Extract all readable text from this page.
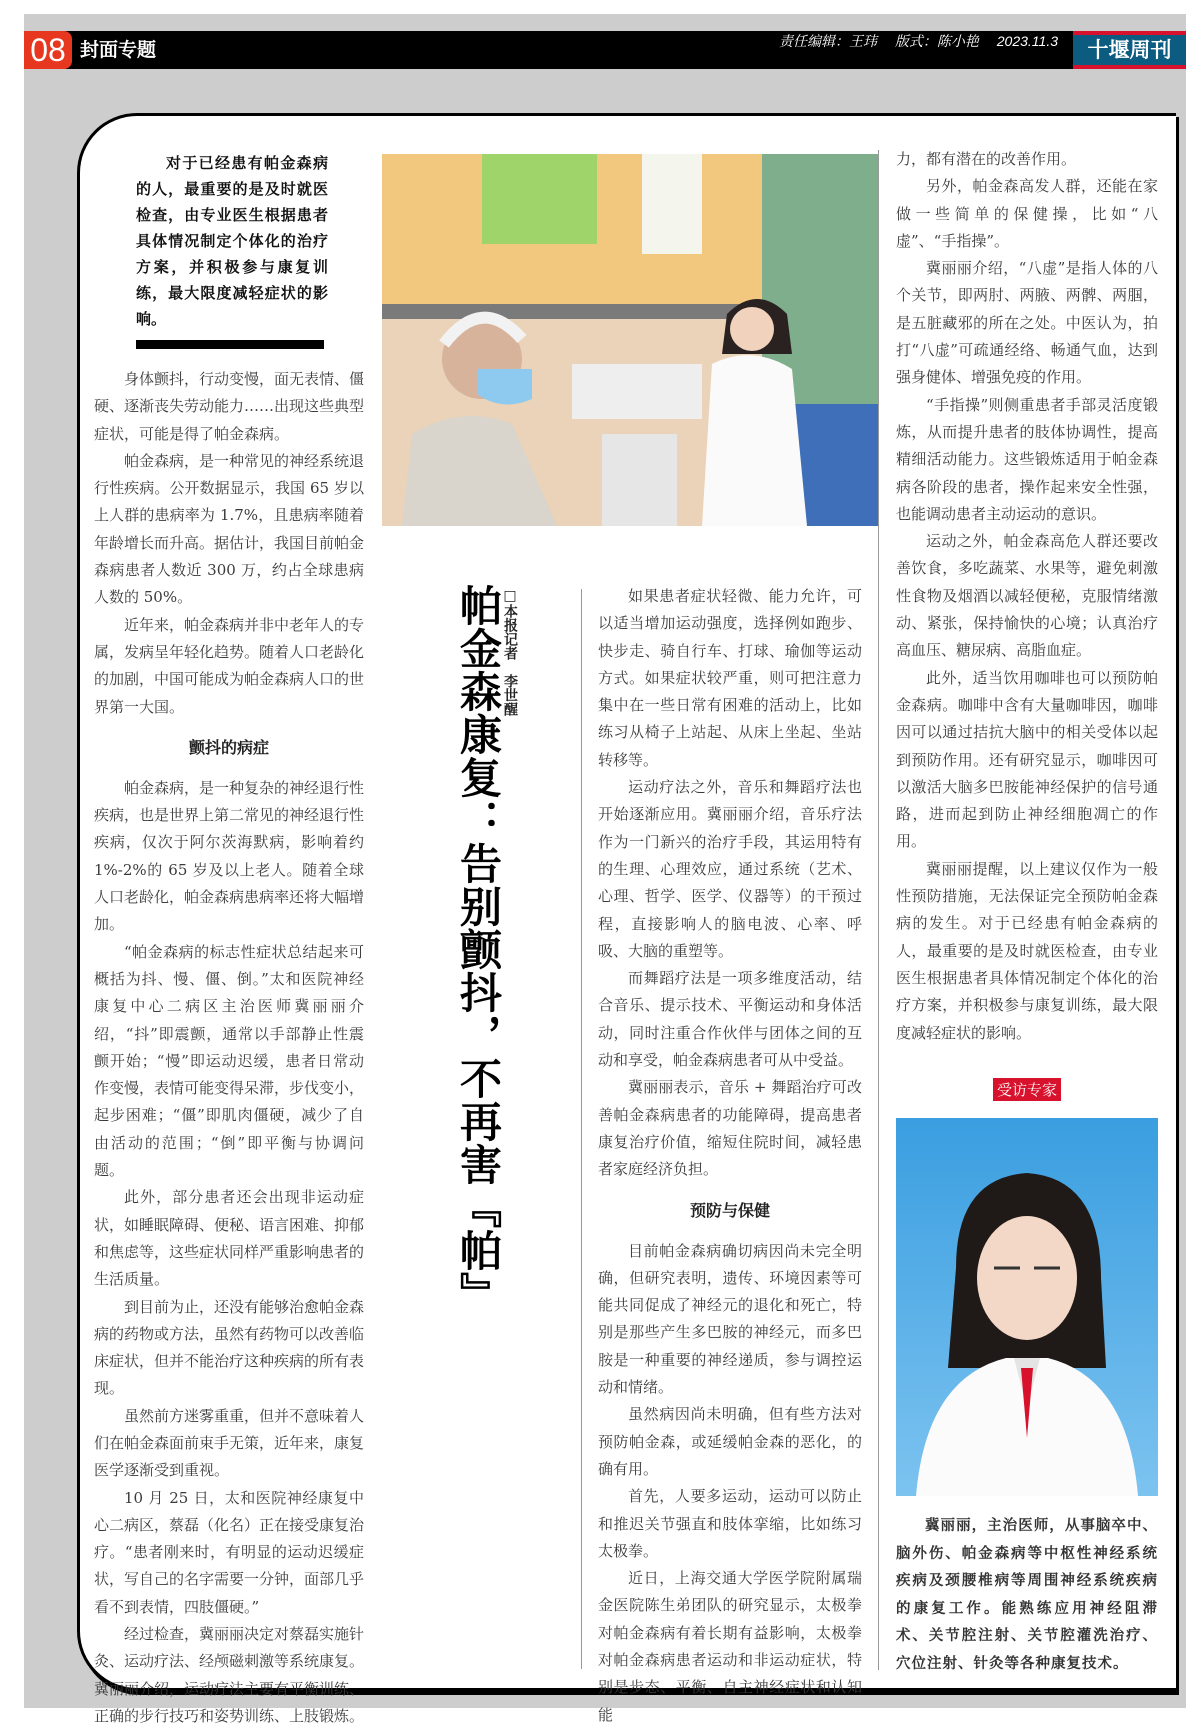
08 封面专题	责任编辑：王玮 版式：陈小艳 2023.11.3	十堰周刊
对于已经患有帕金森病的人，最重要的是及时就医检查，由专业医生根据患者具体情况制定个体化的治疗方案，并积极参与康复训练，最大限度减轻症状的影响。
帕金森康复：告别颤抖，不再害『帕』 □本报记者　李世醒

身体颤抖，行动变慢，面无表情、僵硬、逐渐丧失劳动能力……出现这些典型症状，可能是得了帕金森病。

帕金森病，是一种常见的神经系统退行性疾病。公开数据显示，我国 65 岁以上人群的患病率为 1.7%，且患病率随着年龄增长而升高。据估计，我国目前帕金森病患者人数近 300 万，约占全球患病人数的 50%。

近年来，帕金森病并非中老年人的专属，发病呈年轻化趋势。随着人口老龄化的加剧，中国可能成为帕金森病人口的世界第一大国。

颤抖的病症

帕金森病，是一种复杂的神经退行性疾病，也是世界上第二常见的神经退行性疾病，仅次于阿尔茨海默病，影响着约 1%-2%的 65 岁及以上老人。随着全球人口老龄化，帕金森病患病率还将大幅增加。

“帕金森病的标志性症状总结起来可概括为抖、慢、僵、倒。”太和医院神经康复中心二病区主治医师冀丽丽介绍，“抖”即震颤，通常以手部静止性震颤开始；“慢”即运动迟缓，患者日常动作变慢，表情可能变得呆滞，步伐变小，起步困难；“僵”即肌肉僵硬，减少了自由活动的范围；“倒”即平衡与协调问题。

此外，部分患者还会出现非运动症状，如睡眠障碍、便秘、语言困难、抑郁和焦虑等，这些症状同样严重影响患者的生活质量。

到目前为止，还没有能够治愈帕金森病的药物或方法，虽然有药物可以改善临床症状，但并不能治疗这种疾病的所有表现。

虽然前方迷雾重重，但并不意味着人们在帕金森面前束手无策，近年来，康复医学逐渐受到重视。

10 月 25 日，太和医院神经康复中心二病区，蔡磊（化名）正在接受康复治疗。“患者刚来时，有明显的运动迟缓症状，写自己的名字需要一分钟，面部几乎看不到表情，四肢僵硬。”

经过检查，冀丽丽决定对蔡磊实施针灸、运动疗法、经颅磁刺激等系统康复。冀丽丽介绍，运动疗法主要有平衡训练、正确的步行技巧和姿势训练、上肢锻炼。

如果患者症状轻微、能力允许，可以适当增加运动强度，选择例如跑步、快步走、骑自行车、打球、瑜伽等运动方式。如果症状较严重，则可把注意力集中在一些日常有困难的活动上，比如练习从椅子上站起、从床上坐起、坐站转移等。

运动疗法之外，音乐和舞蹈疗法也开始逐渐应用。冀丽丽介绍，音乐疗法作为一门新兴的治疗手段，其运用特有的生理、心理效应，通过系统（艺术、心理、哲学、医学、仪器等）的干预过程，直接影响人的脑电波、心率、呼吸、大脑的重塑等。

而舞蹈疗法是一项多维度活动，结合音乐、提示技术、平衡运动和身体活动，同时注重合作伙伴与团体之间的互动和享受，帕金森病患者可从中受益。

冀丽丽表示，音乐 + 舞蹈治疗可改善帕金森病患者的功能障碍，提高患者康复治疗价值，缩短住院时间，减轻患者家庭经济负担。

预防与保健

目前帕金森病确切病因尚未完全明确，但研究表明，遗传、环境因素等可能共同促成了神经元的退化和死亡，特别是那些产生多巴胺的神经元，而多巴胺是一种重要的神经递质，参与调控运动和情绪。

虽然病因尚未明确，但有些方法对预防帕金森，或延缓帕金森的恶化，的确有用。

首先，人要多运动，运动可以防止和推迟关节强直和肢体挛缩，比如练习太极拳。

近日，上海交通大学医学院附属瑞金医院陈生弟团队的研究显示，太极拳对帕金森病有着长期有益影响，太极拳对帕金森病患者运动和非运动症状，特别是步态、平衡、自主神经症状和认知能

力，都有潜在的改善作用。

另外，帕金森高发人群，还能在家做一些简单的保健操，比如“八虚”、“手指操”。

冀丽丽介绍，“八虚”是指人体的八个关节，即两肘、两腋、两髀、两腘，是五脏藏邪的所在之处。中医认为，拍打“八虚”可疏通经络、畅通气血，达到强身健体、增强免疫的作用。

“手指操”则侧重患者手部灵活度锻炼，从而提升患者的肢体协调性，提高精细活动能力。这些锻炼适用于帕金森病各阶段的患者，操作起来安全性强，也能调动患者主动运动的意识。

运动之外，帕金森高危人群还要改善饮食，多吃蔬菜、水果等，避免刺激性食物及烟酒以减轻便秘，克服情绪激动、紧张，保持愉快的心境；认真治疗高血压、糖尿病、高脂血症。

此外，适当饮用咖啡也可以预防帕金森病。咖啡中含有大量咖啡因，咖啡因可以通过拮抗大脑中的相关受体以起到预防作用。还有研究显示，咖啡因可以激活大脑多巴胺能神经保护的信号通路，进而起到防止神经细胞凋亡的作用。

冀丽丽提醒，以上建议仅作为一般性预防措施，无法保证完全预防帕金森病的发生。对于已经患有帕金森病的人，最重要的是及时就医检查，由专业医生根据患者具体情况制定个体化的治疗方案，并积极参与康复训练，最大限度减轻症状的影响。

受访专家
冀丽丽，主治医师，从事脑卒中、脑外伤、帕金森病等中枢性神经系统疾病及颈腰椎病等周围神经系统疾病的康复工作。能熟练应用神经阻滞术、关节腔注射、关节腔灌洗治疗、穴位注射、针灸等各种康复技术。
